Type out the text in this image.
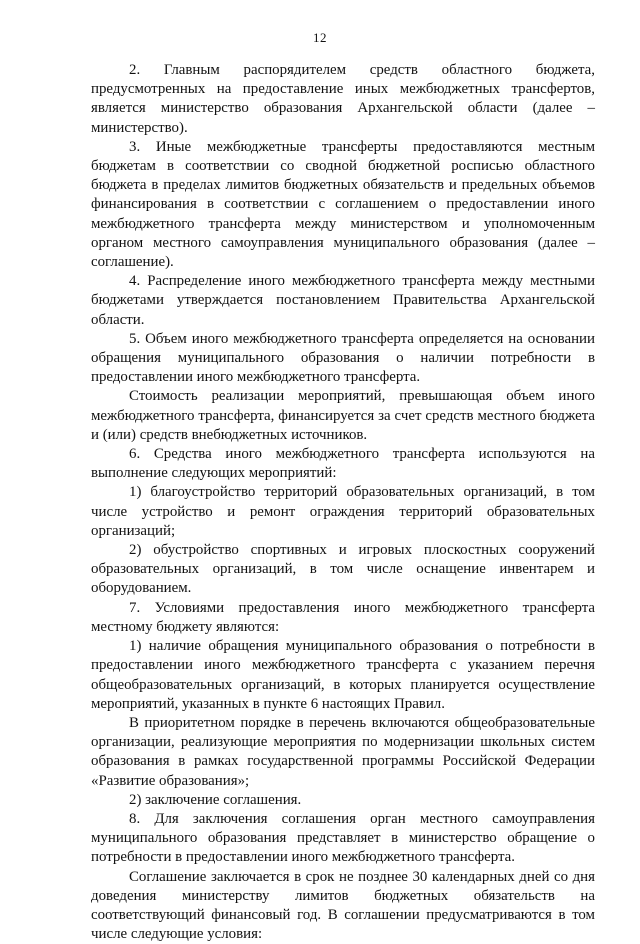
12

2. Главным распорядителем средств областного бюджета, предусмотренных на предоставление иных межбюджетных трансфертов, является министерство образования Архангельской области (далее – министерство).

3. Иные межбюджетные трансферты предоставляются местным бюджетам в соответствии со сводной бюджетной росписью областного бюджета в пределах лимитов бюджетных обязательств и предельных объемов финансирования в соответствии с соглашением о предоставлении иного межбюджетного трансферта между министерством и уполномоченным органом местного самоуправления муниципального образования (далее – соглашение).

4. Распределение иного межбюджетного трансферта между местными бюджетами утверждается постановлением Правительства Архангельской области.

5. Объем иного межбюджетного трансферта определяется на основании обращения муниципального образования о наличии потребности в предоставлении иного межбюджетного трансферта.

Стоимость реализации мероприятий, превышающая объем иного межбюджетного трансферта, финансируется за счет средств местного бюджета и (или) средств внебюджетных источников.

6. Средства иного межбюджетного трансферта используются на выполнение следующих мероприятий:

1) благоустройство территорий образовательных организаций, в том числе устройство и ремонт ограждения территорий образовательных организаций;

2) обустройство спортивных и игровых плоскостных сооружений образовательных организаций, в том числе оснащение инвентарем и оборудованием.

7. Условиями предоставления иного межбюджетного трансферта местному бюджету являются:

1) наличие обращения муниципального образования о потребности в предоставлении иного межбюджетного трансферта с указанием перечня общеобразовательных организаций, в которых планируется осуществление мероприятий, указанных в пункте 6 настоящих Правил.

В приоритетном порядке в перечень включаются общеобразовательные организации, реализующие мероприятия по модернизации школьных систем образования в рамках государственной программы Российской Федерации «Развитие образования»;

2) заключение соглашения.

8. Для заключения соглашения орган местного самоуправления муниципального образования представляет в министерство обращение о потребности в предоставлении иного межбюджетного трансферта.

Соглашение заключается в срок не позднее 30 календарных дней со дня доведения министерству лимитов бюджетных обязательств на соответствующий финансовый год. В соглашении предусматриваются в том числе следующие условия:
